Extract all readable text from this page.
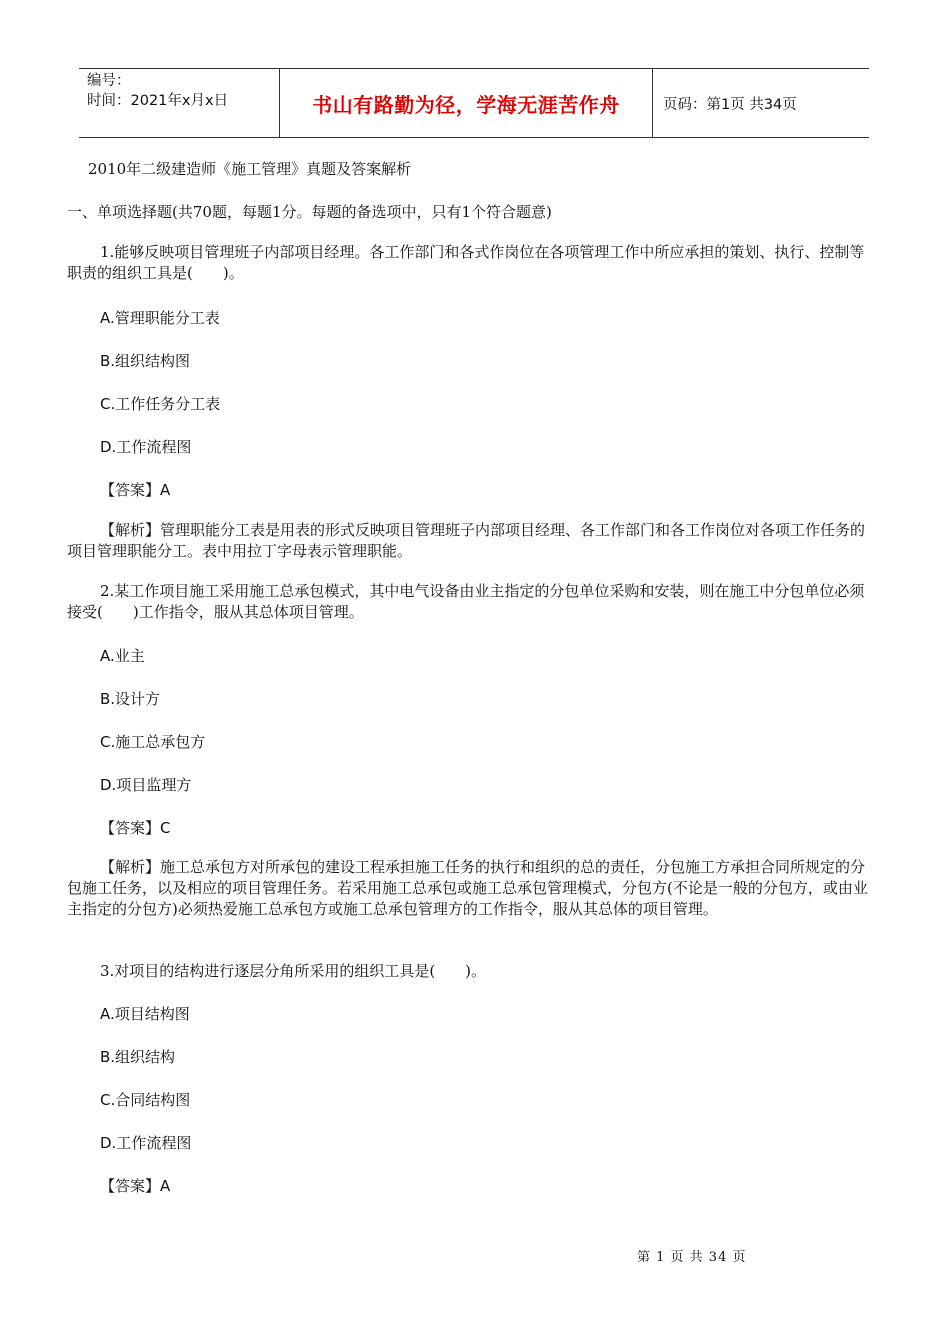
编号：
时间：2021年x月x日	书山有路勤为径，学海无涯苦作舟	页码：第1页 共34页
2010年二级建造师《施工管理》真题及答案解析
一、单项选择题(共70题，每题1分。每题的备选项中，只有1个符合题意)
1.能够反映项目管理班子内部项目经理。各工作部门和各式作岗位在各项管理工作中所应承担的策划、执行、控制等职责的组织工具是(　　)。
A.管理职能分工表
B.组织结构图
C.工作任务分工表
D.工作流程图
【答案】A
【解析】管理职能分工表是用表的形式反映项目管理班子内部项目经理、各工作部门和各工作岗位对各项工作任务的项目管理职能分工。表中用拉丁字母表示管理职能。
2.某工作项目施工采用施工总承包模式，其中电气设备由业主指定的分包单位采购和安装，则在施工中分包单位必须接受(　　)工作指令，服从其总体项目管理。
A.业主
B.设计方
C.施工总承包方
D.项目监理方
【答案】C
【解析】施工总承包方对所承包的建设工程承担施工任务的执行和组织的总的责任，分包施工方承担合同所规定的分包施工任务，以及相应的项目管理任务。若采用施工总承包或施工总承包管理模式，分包方(不论是一般的分包方，或由业主指定的分包方)必须热爱施工总承包方或施工总承包管理方的工作指令，服从其总体的项目管理。
3.对项目的结构进行逐层分角所采用的组织工具是(　　)。
A.项目结构图
B.组织结构
C.合同结构图
D.工作流程图
【答案】A
第 1 页 共 34 页
